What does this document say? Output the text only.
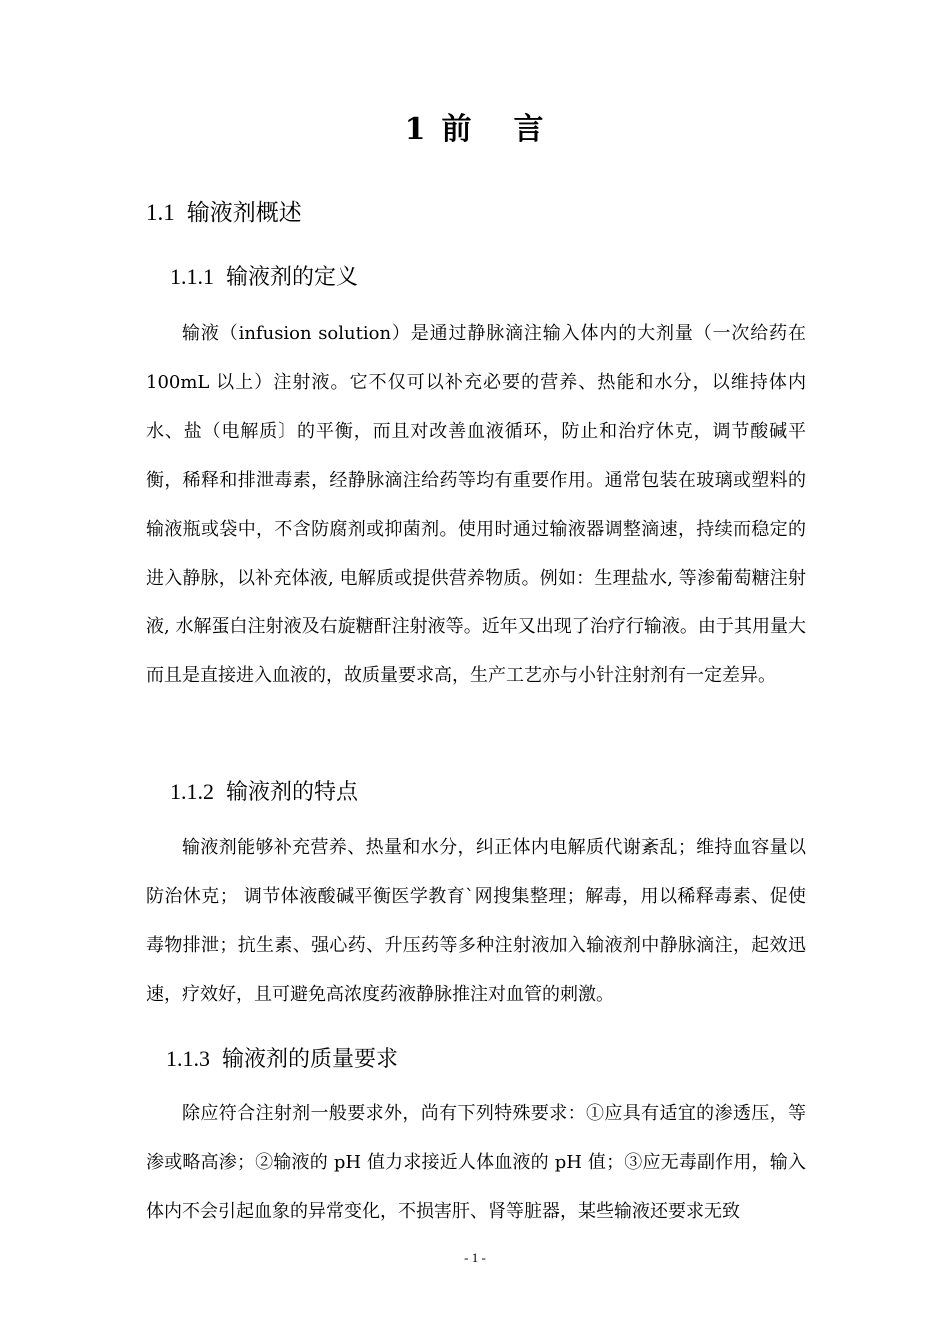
1 前 言
1.1 输液剂概述
1.1.1 输液剂的定义

输液（infusion solution）是通过静脉滴注输入体内的大剂量（一次给药在100mL 以上）注射液。它不仅可以补充必要的营养、热能和水分，以维持体内水、盐（电解质〕的平衡，而且对改善血液循环，防止和治疗休克，调节酸碱平衡，稀释和排泄毒素，经静脉滴注给药等均有重要作用。通常包装在玻璃或塑料的输液瓶或袋中，不含防腐剂或抑菌剂。使用时通过输液器调整滴速，持续而稳定的进入静脉，以补充体液, 电解质或提供营养物质。例如：生理盐水, 等渗葡萄糖注射液, 水解蛋白注射液及右旋糖酐注射液等。近年又出现了治疗行输液。由于其用量大而且是直接进入血液的，故质量要求高，生产工艺亦与小针注射剂有一定差异。

1.1.2 输液剂的特点

输液剂能够补充营养、热量和水分，纠正体内电解质代谢紊乱；维持血容量以防治休克； 调节体液酸碱平衡医学教育`网搜集整理；解毒，用以稀释毒素、促使毒物排泄；抗生素、强心药、升压药等多种注射液加入输液剂中静脉滴注，起效迅速，疗效好，且可避免高浓度药液静脉推注对血管的刺激。

1.1.3 输液剂的质量要求

除应符合注射剂一般要求外，尚有下列特殊要求：①应具有适宜的渗透压，等渗或略高渗；②输液的 pH 值力求接近人体血液的 pH 值；③应无毒副作用，输入体内不会引起血象的异常变化，不损害肝、肾等脏器，某些输液还要求无致

- 1 -
